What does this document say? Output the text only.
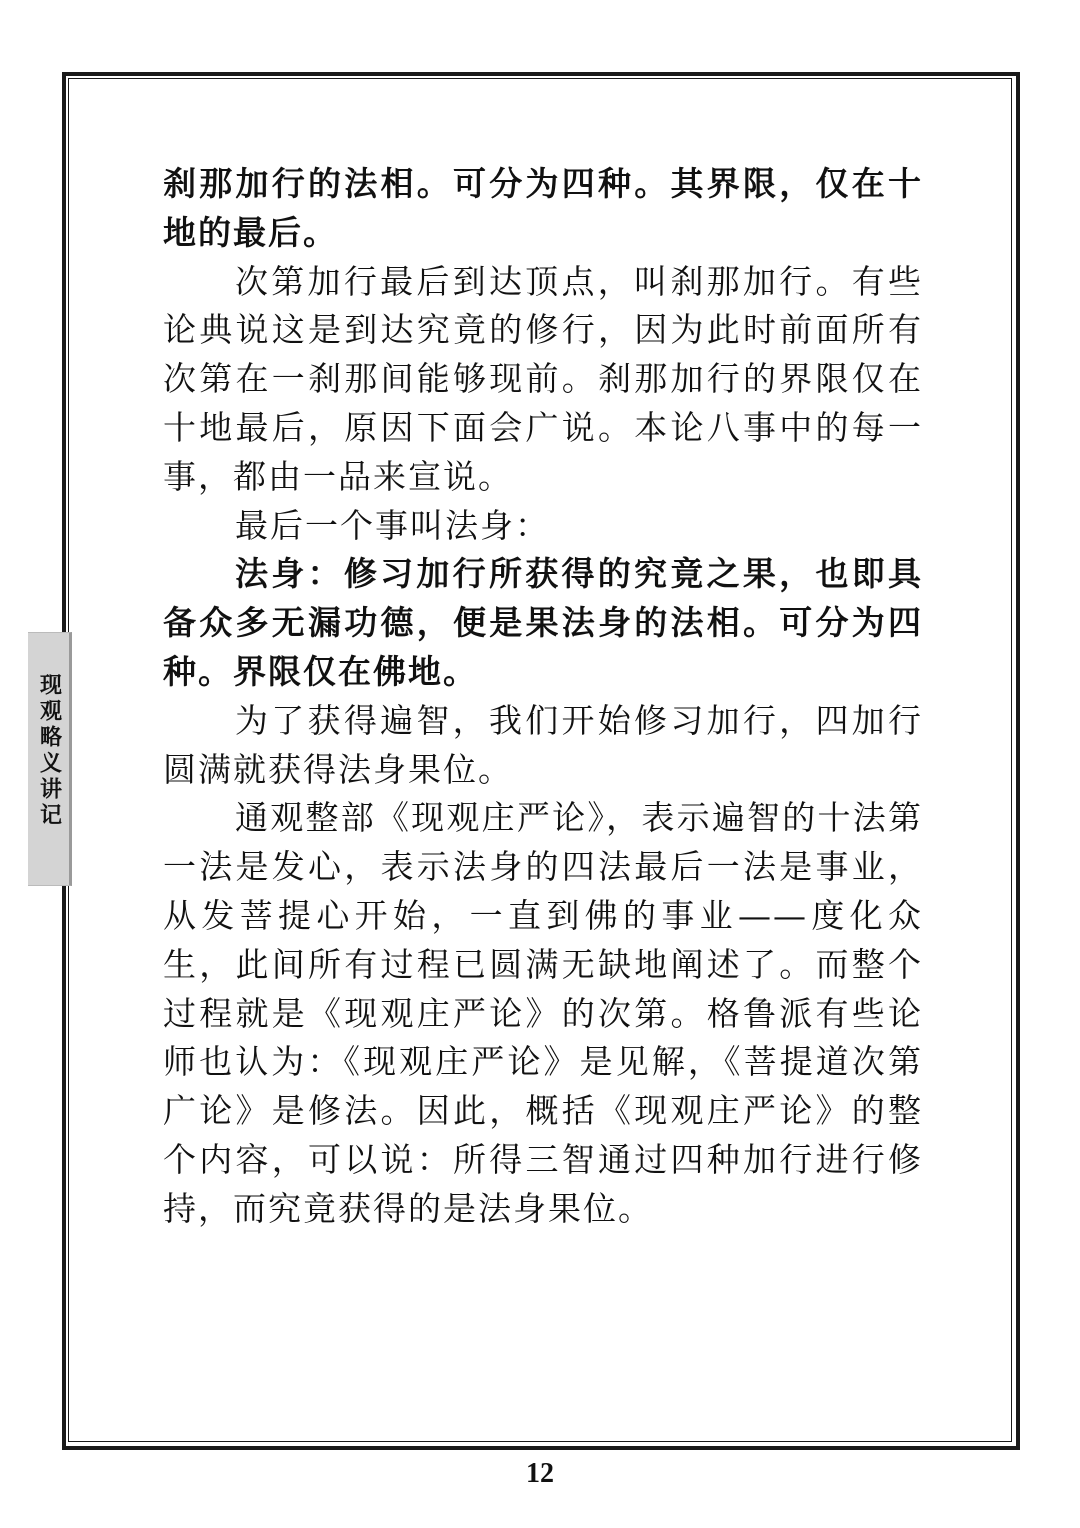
现观略义讲记

刹那加行的法相。可分为四种。其界限，仅在十地的最后。

次第加行最后到达顶点，叫刹那加行。有些论典说这是到达究竟的修行，因为此时前面所有次第在一刹那间能够现前。刹那加行的界限仅在十地最后，原因下面会广说。本论八事中的每一事，都由一品来宣说。

最后一个事叫法身：

法身：修习加行所获得的究竟之果，也即具备众多无漏功德，便是果法身的法相。可分为四种。界限仅在佛地。

为了获得遍智，我们开始修习加行，四加行圆满就获得法身果位。

通观整部《现观庄严论》，表示遍智的十法第一法是发心，表示法身的四法最后一法是事业，从发菩提心开始，一直到佛的事业——度化众生，此间所有过程已圆满无缺地阐述了。而整个过程就是《现观庄严论》的次第。格鲁派有些论师也认为：《现观庄严论》是见解，《菩提道次第广论》是修法。因此，概括《现观庄严论》的整个内容，可以说：所得三智通过四种加行进行修持，而究竟获得的是法身果位。

12
